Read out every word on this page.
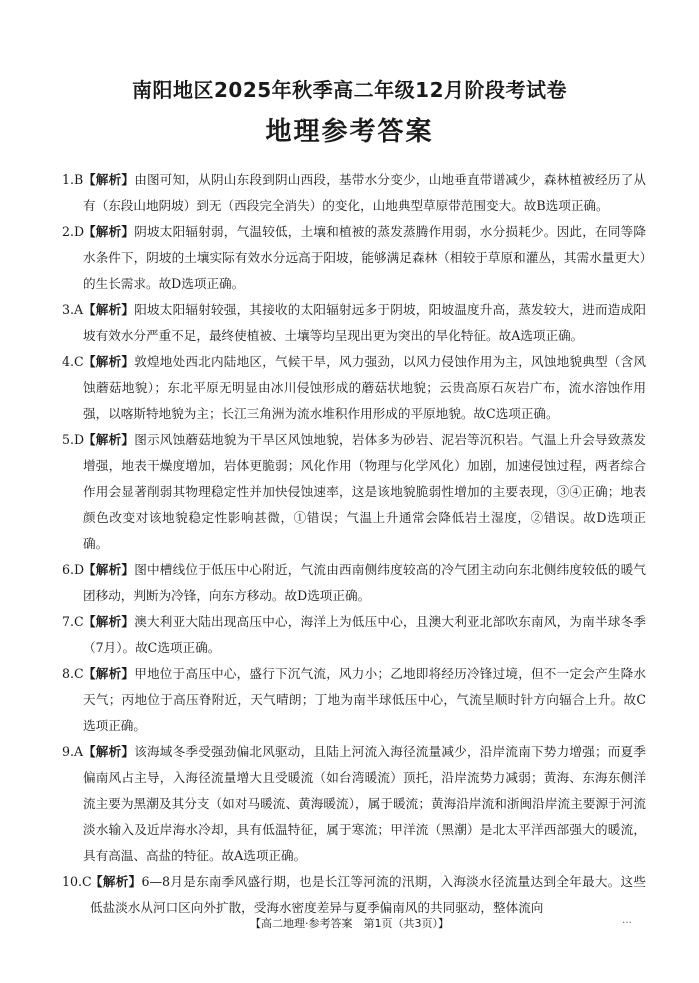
南阳地区2025年秋季高二年级12月阶段考试卷
地理参考答案

1.B 【解析】由图可知，从阴山东段到阴山西段，基带水分变少，山地垂直带谱减少，森林植被经历了从有（东段山地阴坡）到无（西段完全消失）的变化，山地典型草原带范围变大。故B选项正确。

2.D
【解析】阴坡太阳辐射弱，气温较低，土壤和植被的蒸发蒸腾作用弱，水分损耗少。因此，在同等降水条件下，阴坡的土壤实际有效水分远高于阳坡，能够满足森林（相较于草原和灌丛，其需水量更大）的生长需求。故D选项正确。

3.A 【解析】阳坡太阳辐射较强，其接收的太阳辐射远多于阴坡，阳坡温度升高，蒸发较大，进而造成阳坡有效水分严重不足，最终使植被、土壤等均呈现出更为突出的旱化特征。故A选项正确。

4.C 【解析】敦煌地处西北内陆地区，气候干旱，风力强劲，以风力侵蚀作用为主，风蚀地貌典型（含风蚀蘑菇地貌）；东北平原无明显由冰川侵蚀形成的蘑菇状地貌；云贵高原石灰岩广布，流水溶蚀作用强，以喀斯特地貌为主；长江三角洲为流水堆积作用形成的平原地貌。故C选项正确。

5.D
【解析】图示风蚀蘑菇地貌为干旱区风蚀地貌，岩体多为砂岩、泥岩等沉积岩。气温上升会导致蒸发增强，地表干燥度增加，岩体更脆弱；风化作用（物理与化学风化）加剧，加速侵蚀过程，两者综合作用会显著削弱其物理稳定性并加快侵蚀速率，这是该地貌脆弱性增加的主要表现，③④正确；地表颜色改变对该地貌稳定性影响甚微，①错误；气温上升通常会降低岩土湿度，②错误。故D选项正确。

6.D
【解析】图中槽线位于低压中心附近，气流由西南侧纬度较高的冷气团主动向东北侧纬度较低的暖气团移动，判断为冷锋，向东方移动。故D选项正确。

7.C 【解析】澳大利亚大陆出现高压中心，海洋上为低压中心，且澳大利亚北部吹东南风，为南半球冬季（7月）。故C选项正确。

8.C 【解析】甲地位于高压中心，盛行下沉气流，风力小；乙地即将经历冷锋过境，但不一定会产生降水天气；丙地位于高压脊附近，天气晴朗；丁地为南半球低压中心，气流呈顺时针方向辐合上升。故C选项正确。

9.A 【解析】该海域冬季受强劲偏北风驱动，且陆上河流入海径流量减少，沿岸流南下势力增强；而夏季偏南风占主导，入海径流量增大且受暖流（如台湾暖流）顶托，沿岸流势力减弱；黄海、东海东侧洋流主要为黑潮及其分支（如对马暖流、黄海暖流），属于暖流；黄海沿岸流和浙闽沿岸流主要源于河流淡水输入及近岸海水冷却，具有低温特征，属于寒流；甲洋流（黑潮）是北太平洋西部强大的暖流，具有高温、高盐的特征。故A选项正确。

10.C
【解析】6—8月是东南季风盛行期，也是长江等河流的汛期，入海淡水径流量达到全年最大。这些低盐淡水从河口区向外扩散，受海水密度差异与夏季偏南风的共同驱动，整体流向

【高二地理·参考答案　第1页（共3页）】	…
